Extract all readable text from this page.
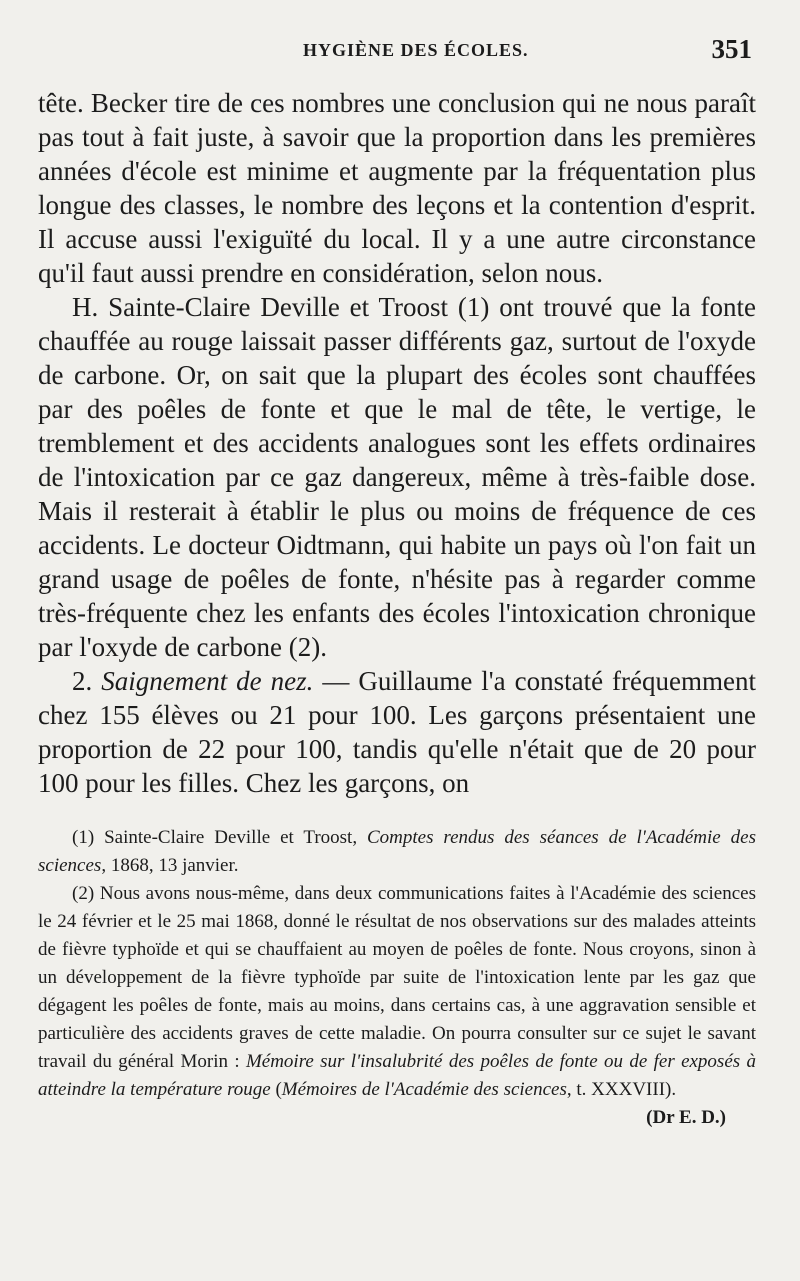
HYGIÈNE DES ÉCOLES.	351

tête. Becker tire de ces nombres une conclusion qui ne nous paraît pas tout à fait juste, à savoir que la proportion dans les premières années d'école est minime et augmente par la fréquentation plus longue des classes, le nombre des leçons et la contention d'esprit. Il accuse aussi l'exiguïté du local. Il y a une autre circonstance qu'il faut aussi prendre en considération, selon nous.

H. Sainte-Claire Deville et Troost (1) ont trouvé que la fonte chauffée au rouge laissait passer différents gaz, surtout de l'oxyde de carbone. Or, on sait que la plupart des écoles sont chauffées par des poêles de fonte et que le mal de tête, le vertige, le tremblement et des accidents analogues sont les effets ordinaires de l'intoxication par ce gaz dangereux, même à très-faible dose. Mais il resterait à établir le plus ou moins de fréquence de ces accidents. Le docteur Oidtmann, qui habite un pays où l'on fait un grand usage de poêles de fonte, n'hésite pas à regarder comme très-fréquente chez les enfants des écoles l'intoxication chronique par l'oxyde de carbone (2).

2. Saignement de nez. — Guillaume l'a constaté fréquemment chez 155 élèves ou 21 pour 100. Les garçons présentaient une proportion de 22 pour 100, tandis qu'elle n'était que de 20 pour 100 pour les filles. Chez les garçons, on

(1) Sainte-Claire Deville et Troost, Comptes rendus des séances de l'Académie des sciences, 1868, 13 janvier.

(2) Nous avons nous-même, dans deux communications faites à l'Académie des sciences le 24 février et le 25 mai 1868, donné le résultat de nos observations sur des malades atteints de fièvre typhoïde et qui se chauffaient au moyen de poêles de fonte. Nous croyons, sinon à un développement de la fièvre typhoïde par suite de l'intoxication lente par les gaz que dégagent les poêles de fonte, mais au moins, dans certains cas, à une aggravation sensible et particulière des accidents graves de cette maladie. On pourra consulter sur ce sujet le savant travail du général Morin : Mémoire sur l'insalubrité des poêles de fonte ou de fer exposés à atteindre la température rouge (Mémoires de l'Académie des sciences, t. XXXVIII).
(Dr E. D.)
